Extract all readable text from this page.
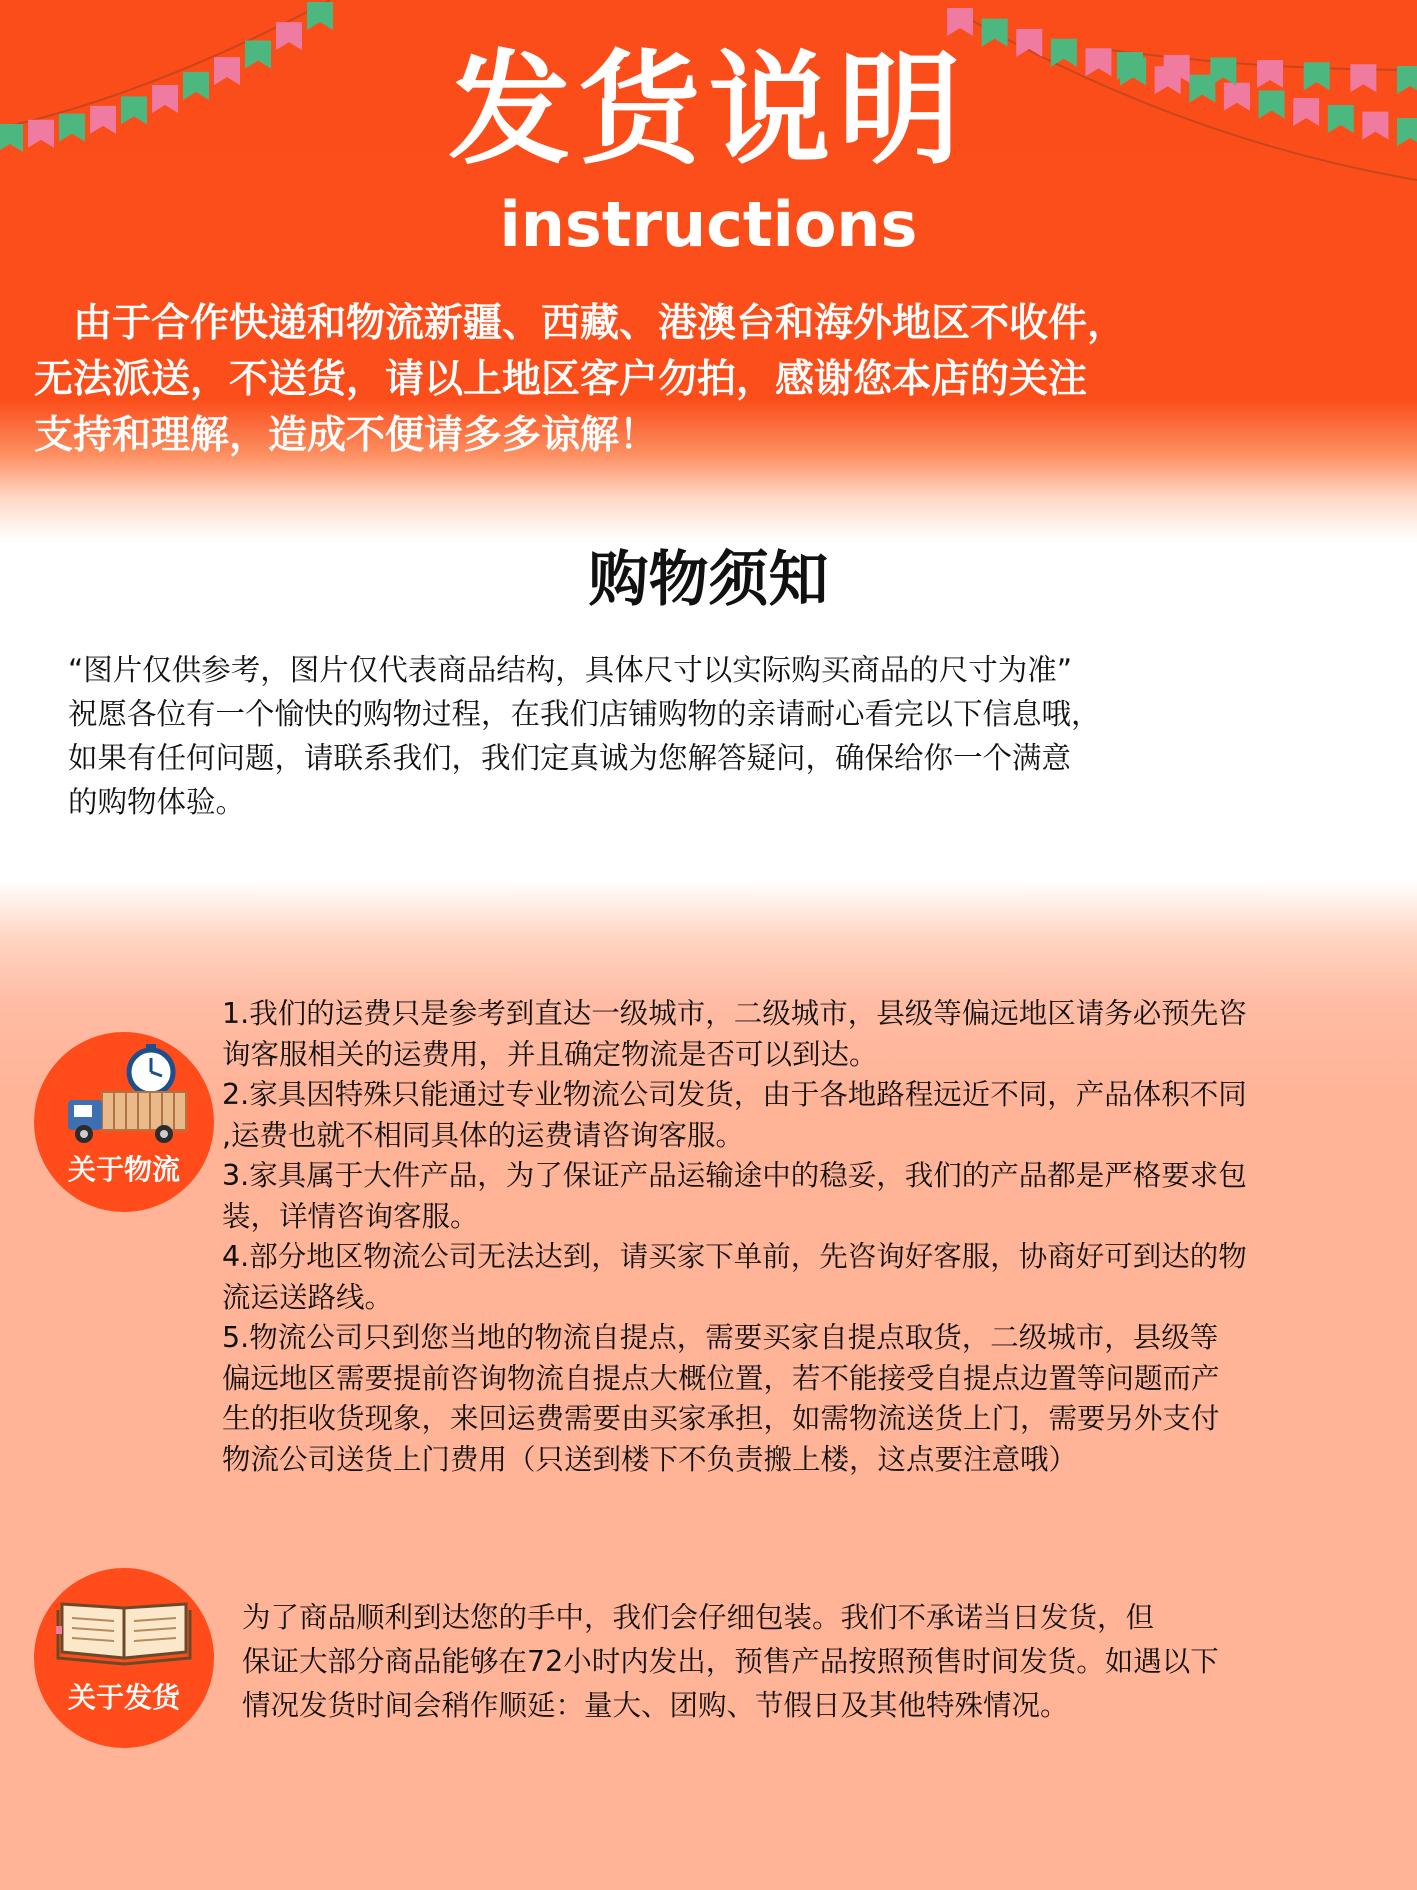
发货说明
instructions
　由于合作快递和物流新疆、西藏、港澳台和海外地区不收件，
无法派送，不送货，请以上地区客户勿拍，感谢您本店的关注
支持和理解，造成不便请多多谅解！
购物须知
“图片仅供参考，图片仅代表商品结构，具体尺寸以实际购买商品的尺寸为准”
祝愿各位有一个愉快的购物过程，在我们店铺购物的亲请耐心看完以下信息哦，
如果有任何问题，请联系我们，我们定真诚为您解答疑问，确保给你一个满意
的购物体验。
关于物流
1.我们的运费只是参考到直达一级城市，二级城市，县级等偏远地区请务必预先咨
询客服相关的运费用，并且确定物流是否可以到达。
2.家具因特殊只能通过专业物流公司发货，由于各地路程远近不同，产品体积不同
,运费也就不相同具体的运费请咨询客服。
3.家具属于大件产品，为了保证产品运输途中的稳妥，我们的产品都是严格要求包
装，详情咨询客服。
4.部分地区物流公司无法达到，请买家下单前，先咨询好客服，协商好可到达的物
流运送路线。
5.物流公司只到您当地的物流自提点，需要买家自提点取货，二级城市，县级等
偏远地区需要提前咨询物流自提点大概位置，若不能接受自提点边置等问题而产
生的拒收货现象，来回运费需要由买家承担，如需物流送货上门，需要另外支付
物流公司送货上门费用（只送到楼下不负责搬上楼，这点要注意哦）
关于发货
为了商品顺利到达您的手中，我们会仔细包装。我们不承诺当日发货，但
保证大部分商品能够在72小时内发出，预售产品按照预售时间发货。如遇以下
情况发货时间会稍作顺延：量大、团购、节假日及其他特殊情况。
